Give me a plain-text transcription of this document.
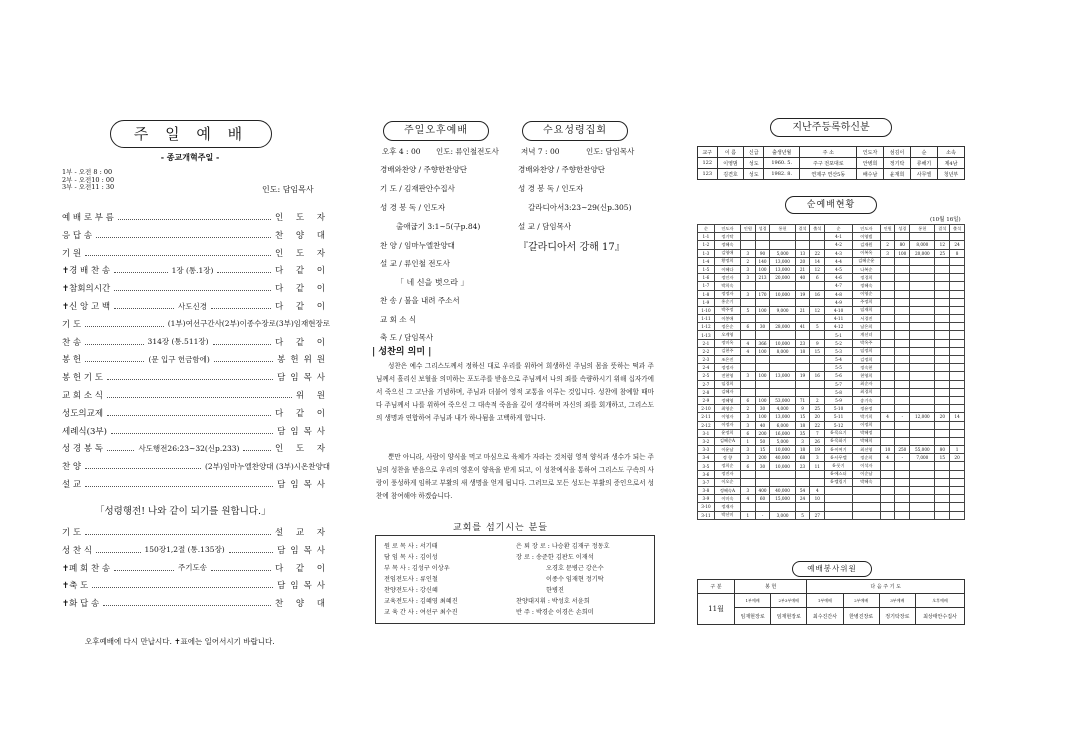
주 일 예 배
- 종교개혁주일 -
1부 - 오전 8 : 00
2부 - 오전10 : 00
3부 - 오전11 : 30	인도: 담임목사
예 배 로 부 름	인 도 자
응 답 송	찬 양 대
기 원	인 도 자
✝경 배 찬 송	1장 (통.1장)	다 같 이
✝참회의시간	다 같 이
✝신 앙 고 백	사도신경	다 같 이
기 도	(1부)여선구간사(2부)이종수장로(3부)임재현장로
찬 송	314장 (통.511장)	다 같 이
봉 헌	(문 입구 헌금함에)	봉헌위원
봉 헌 기 도	담임목사
교 회 소 식	위 원
성도의교제	다 같 이
세례식(3부)	담임목사
성 경 봉 독	사도행전26:23~32(신p.233)	인 도 자
찬 양	(2부)임마누엘찬양대 (3부)시온찬양대
설 교	담임목사
「성령행전! 나와 같이 되기를 원합니다.」
기 도	설 교 자
성 찬 식	150장1,2절 (통.135장)	담임목사
✝폐 회 찬 송	주기도송	다 같 이
✝축 도	담임목사
✝화 답 송	찬 양 대
오후예배에 다시 만납시다. ✝표에는 일어서시기 바랍니다.
주일오후예배
오후 4 : 00 인도: 류인철전도사
경배와찬양 / 주향한찬양단
기 도 / 김재판안수집사
성 경 봉 독 / 인도자
출애굽기 3:1~5(구p.84)
찬 양 / 임마누엘찬양대
설 교 / 류인철 전도사
「 네 신을 벗으라 」
찬 송 / 불을 내려 주소서
교 회 소 식
축 도 / 담임목사
수요성령집회
저녁 7 : 00	인도: 담임목사
경배와찬양 / 주향한찬양단
성 경 봉 독 / 인도자
갈라디아서3:23~29(신p.305)
설 교 / 담임목사
『갈라디아서 강해 17』
| 성찬의 의미 |
성찬은 예수 그리스도께서 정하신 대로 우리를 위하여 희생하신 주님의 몸을 뜻하는 떡과 주님께서 흘리신 보혈을 의미하는 포도주를 받음으로 주님께서 나의 죄를 속량하시기 위해 십자가에서 죽으신 그 고난을 기념하며, 주님과 더불어 영적 교통을 이루는 것입니다. 성찬에 참예할 때마다 주님께서 나를 위하여 죽으신 그 대속적 죽음을 깊이 생각하며 자신의 죄를 회개하고, 그리스도의 생명과 연합하여 주님과 내가 하나됨을 고백하게 합니다.
뿐만 아니라, 사람이 양식을 먹고 마심으로 육체가 자라는 것처럼 영적 양식과 생수가 되는 주님의 성찬을 받음으로 우리의 영혼이 양육을 받게 되고, 이 성찬예식을 통하여 그리스도 구속의 사랑이 풍성하게 임하고 부활의 새 생명을 얻게 됩니다. 그러므로 모든 성도는 부활의 증인으로서 성찬에 참여해야 하겠습니다.
교회를 섬기시는 분들
원 로 목 사 : 서기태
담 임 목 사 : 김이성
부 목 사 : 김성구 이상우
전임전도사 : 류인철
찬양전도사 : 강신혜
교육전도사 : 김혜영 최혜진
교 육 간 사 : 여선구 최수진
은 퇴 장 로 : 나승환 김재구 정동호
장 로 : 송준한 김판도 이재석
오경호 문병근 강은수
이종수 임재현 정기탁
한병진
찬양대지휘 : 박성호 서윤희
반 주 : 박경순 이경은 손희미
지난주등록하신분
교구	이 름	신급	출생년월	주 소	인도자	섬김이	순	소속
122	이영범	성도	1960. 5.	주구 전포대로	안병희	정기탁	류해기	제4남
123	김견호	성도	1982. 8.	연제구 연산5동	배수남	윤재희	사무엘	청년부
순예배현황
(10월 16일)
순	인도자	인원	성경	통헌	결석	출석	순	인도자	인원	성경	통헌	결석	출석
1-1	정기탁						4-1	이영범					
1-2	정혜숙						4-2	김재원	2	80	8,000	12	24
1-3	김영애	3	90	5,000	13	22	4-3	이복옥	3	100	20,000	25	8
1-4	황정희	2	140	13,000	20	14	4-4	김혜순윤					
1-5	이혜다	3	100	13,000	21	12	4-5	나복순					
1-6	정인자	3	213	20,000	40	6	4-6	정경희					
1-7	박희숙						4-7	정혜숙					
1-8	정정자	3	170	10,000	19	16	4-8	이영순					
1-9	홍순기						4-9	주정희					
1-10	박주정	5	100	9,000	21	12	4-10	임재희					
1-11	이봉애						4-11	서경진					
1-12	정은순	6	30	28,000	41	5	4-12	남은희					
1-13	오계영						5-1	계선녀					
2-1	정미옥	4	366	10,000	23	9	5-2	박옥주					
2-2	김현주	4	100	8,000	18	15	5-3	임정희					
2-3	조은진						5-4	김정희					
2-4	정정자						5-5	정숙현					
2-5	전현영	3	100	13,000	19	16	5-6	현영희					
2-7	임경희						5-7	최순자					
2-8	김혜자						5-8	최경희					
2-9	정혜영	6	100	53,000	71	2	5-9	송기숙					
2-10	최영순	2	30	4,000	9	25	5-10	정유정					
2-11	이영자	3	100	13,000	15	20	5-11	박기희	4	-	12,000	20	14
2-12	이정자	3	40	6,000	18	22	5-12	이정희					
3-1	윤정희	6	200	16,000	35	7	6-목요기	박혜정					
3-2	김혜순A	1	50	5,000	3	26	6-목화기	박혜희					
3-3	이윤남	3	15	10,000	18	19	6-이여기	최선영	10	250	55,000	80	1
3-4	정 향	3	200	40,000	68	3	6-사무엘	정순희	4	-	7,000	15	20
3-5	정희순	6	30	10,000	23	11	6-룻기	이석자					
3-6	정진자						6-에스더	이순남					
3-7	이오순						6-엘림기	박혜숙					
3-8	정혜숙A	3	400	40,000	54	4							
3-9	이미숙	4	60	15,000	24	10							
3-10	정재자												
3-11	박선미	1	-	3,000	5	27							
예배봉사위원
구 분	봉 헌		다 음 주 기 도			
11월	1부예배	2부3부예배	1부예배	2부예배	3부예배	오후예배
	임재현장로	임재현장로	최수진간사	한병진장로	정기탁장로	최상태안수집사
